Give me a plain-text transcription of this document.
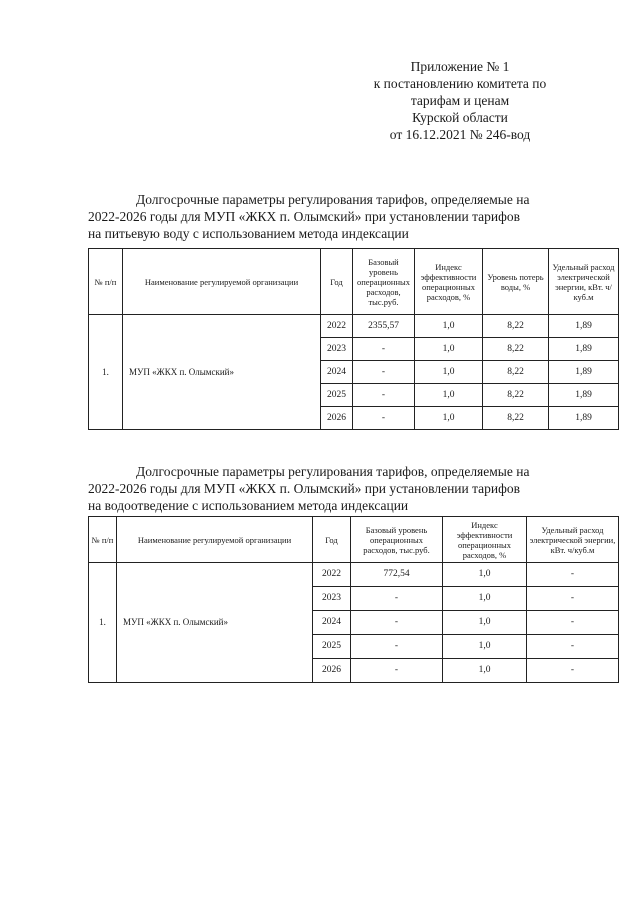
Приложение № 1
к постановлению комитета по
тарифам и ценам
Курской области
от 16.12.2021 № 246-вод
Долгосрочные параметры регулирования тарифов, определяемые на
2022-2026 годы для МУП «ЖКХ п. Олымский» при установлении тарифов
на питьевую воду с использованием метода индексации
№ п/п	Наименование регулируемой организации	Год	Базовый уровень операционных расходов, тыс.руб.	Индекс эффективности операционных расходов, %	Уровень потерь воды, %	Удельный расход электрической энергии, кВт. ч/куб.м
1.	МУП «ЖКХ п. Олымский»	2022	2355,57	1,0	8,22	1,89
		2023	-	1,0	8,22	1,89
		2024	-	1,0	8,22	1,89
		2025	-	1,0	8,22	1,89
		2026	-	1,0	8,22	1,89
Долгосрочные параметры регулирования тарифов, определяемые на
2022-2026 годы для МУП «ЖКХ п. Олымский» при установлении тарифов
на водоотведение с использованием метода индексации
№ п/п	Наименование регулируемой организации	Год	Базовый уровень операционных расходов, тыс.руб.	Индекс эффективности операционных расходов, %	Удельный расход электрической энергии, кВт. ч/куб.м
1.	МУП «ЖКХ п. Олымский»	2022	772,54	1,0	-
		2023	-	1,0	-
		2024	-	1,0	-
		2025	-	1,0	-
		2026	-	1,0	-
